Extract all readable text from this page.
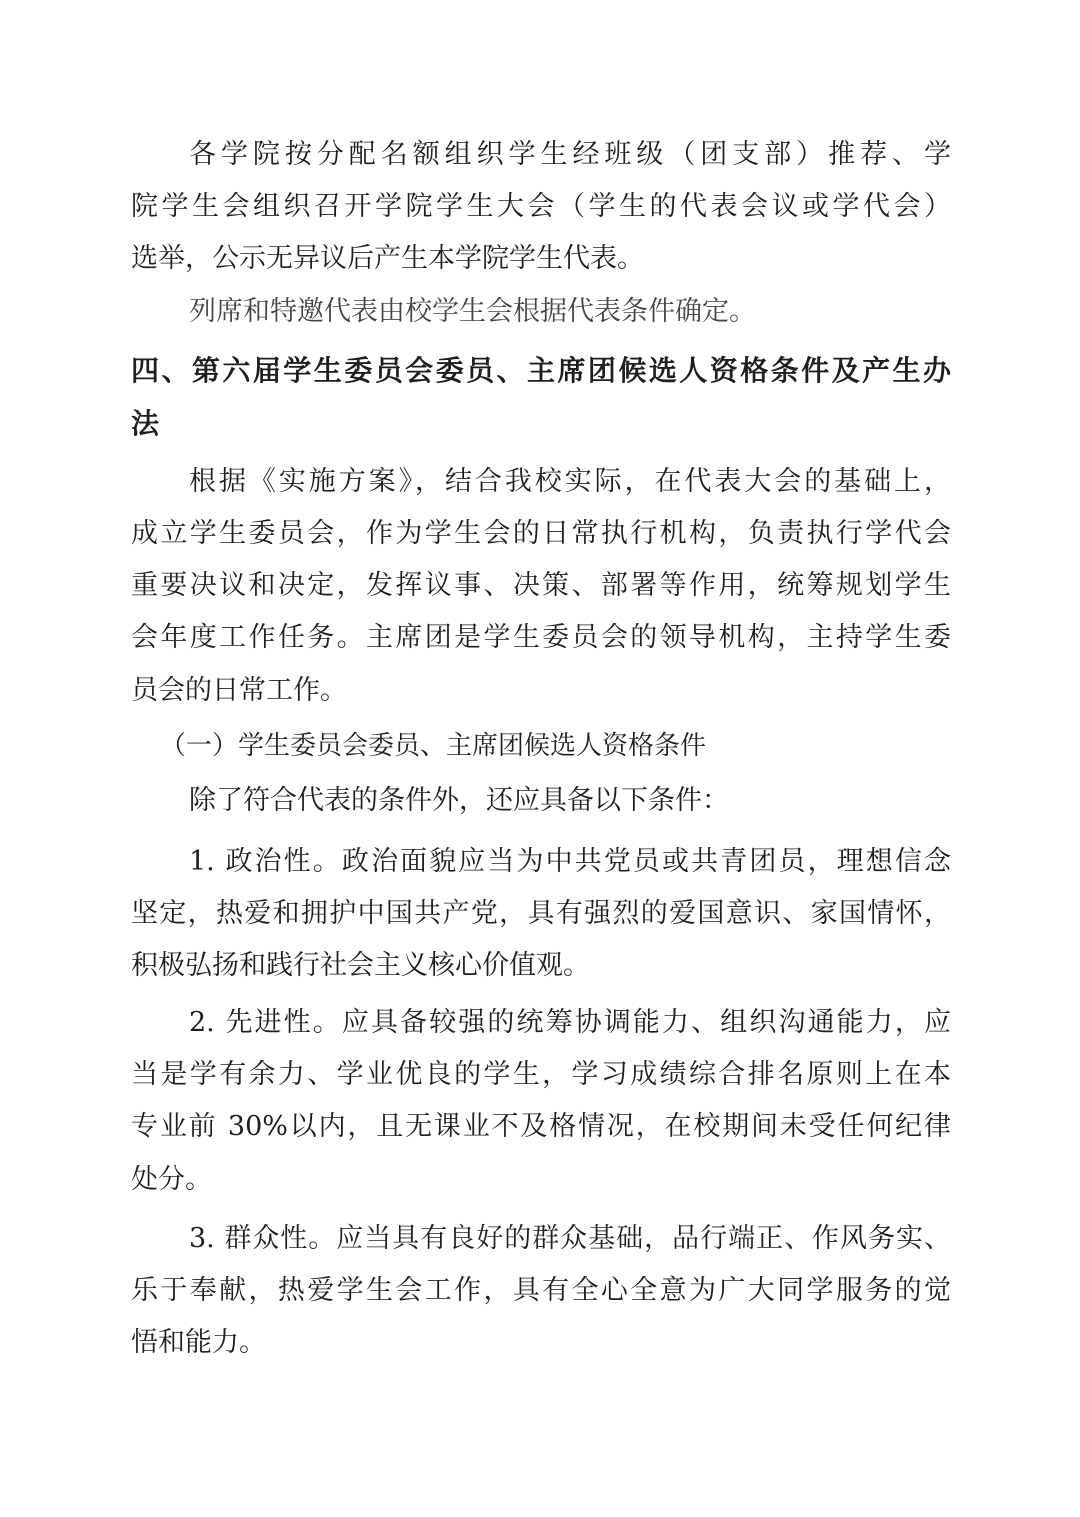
各学院按分配名额组织学生经班级（团支部）推荐、学

院学生会组织召开学院学生大会（学生的代表会议或学代会）

选举，公示无异议后产生本学院学生代表。

列席和特邀代表由校学生会根据代表条件确定。

四、第六届学生委员会委员、主席团候选人资格条件及产生办

法

根据《实施方案》，结合我校实际，在代表大会的基础上，

成立学生委员会，作为学生会的日常执行机构，负责执行学代会

重要决议和决定，发挥议事、决策、部署等作用，统筹规划学生

会年度工作任务。主席团是学生委员会的领导机构，主持学生委

员会的日常工作。

（一）学生委员会委员、主席团候选人资格条件

除了符合代表的条件外，还应具备以下条件：

1. 政治性。政治面貌应当为中共党员或共青团员，理想信念

坚定，热爱和拥护中国共产党，具有强烈的爱国意识、家国情怀，

积极弘扬和践行社会主义核心价值观。

2. 先进性。应具备较强的统筹协调能力、组织沟通能力，应

当是学有余力、学业优良的学生，学习成绩综合排名原则上在本

专业前 30%以内，且无课业不及格情况，在校期间未受任何纪律

处分。

3. 群众性。应当具有良好的群众基础，品行端正、作风务实、

乐于奉献，热爱学生会工作，具有全心全意为广大同学服务的觉

悟和能力。
